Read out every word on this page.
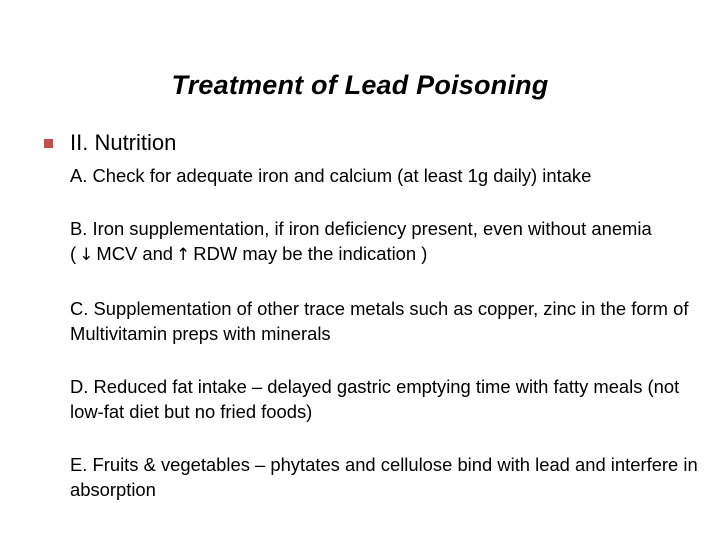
Treatment of Lead Poisoning
II. Nutrition

A. Check for adequate iron and calcium (at least 1g daily) intake

B. Iron supplementation, if iron deficiency present, even without anemia ( ↓ MCV and ↑ RDW may be the indication )

C. Supplementation of other trace metals such as copper, zinc in the form of Multivitamin preps with minerals

D. Reduced fat intake – delayed gastric emptying time with fatty meals (not low-fat diet but no fried foods)

E. Fruits & vegetables – phytates and cellulose bind with lead and interfere in absorption
